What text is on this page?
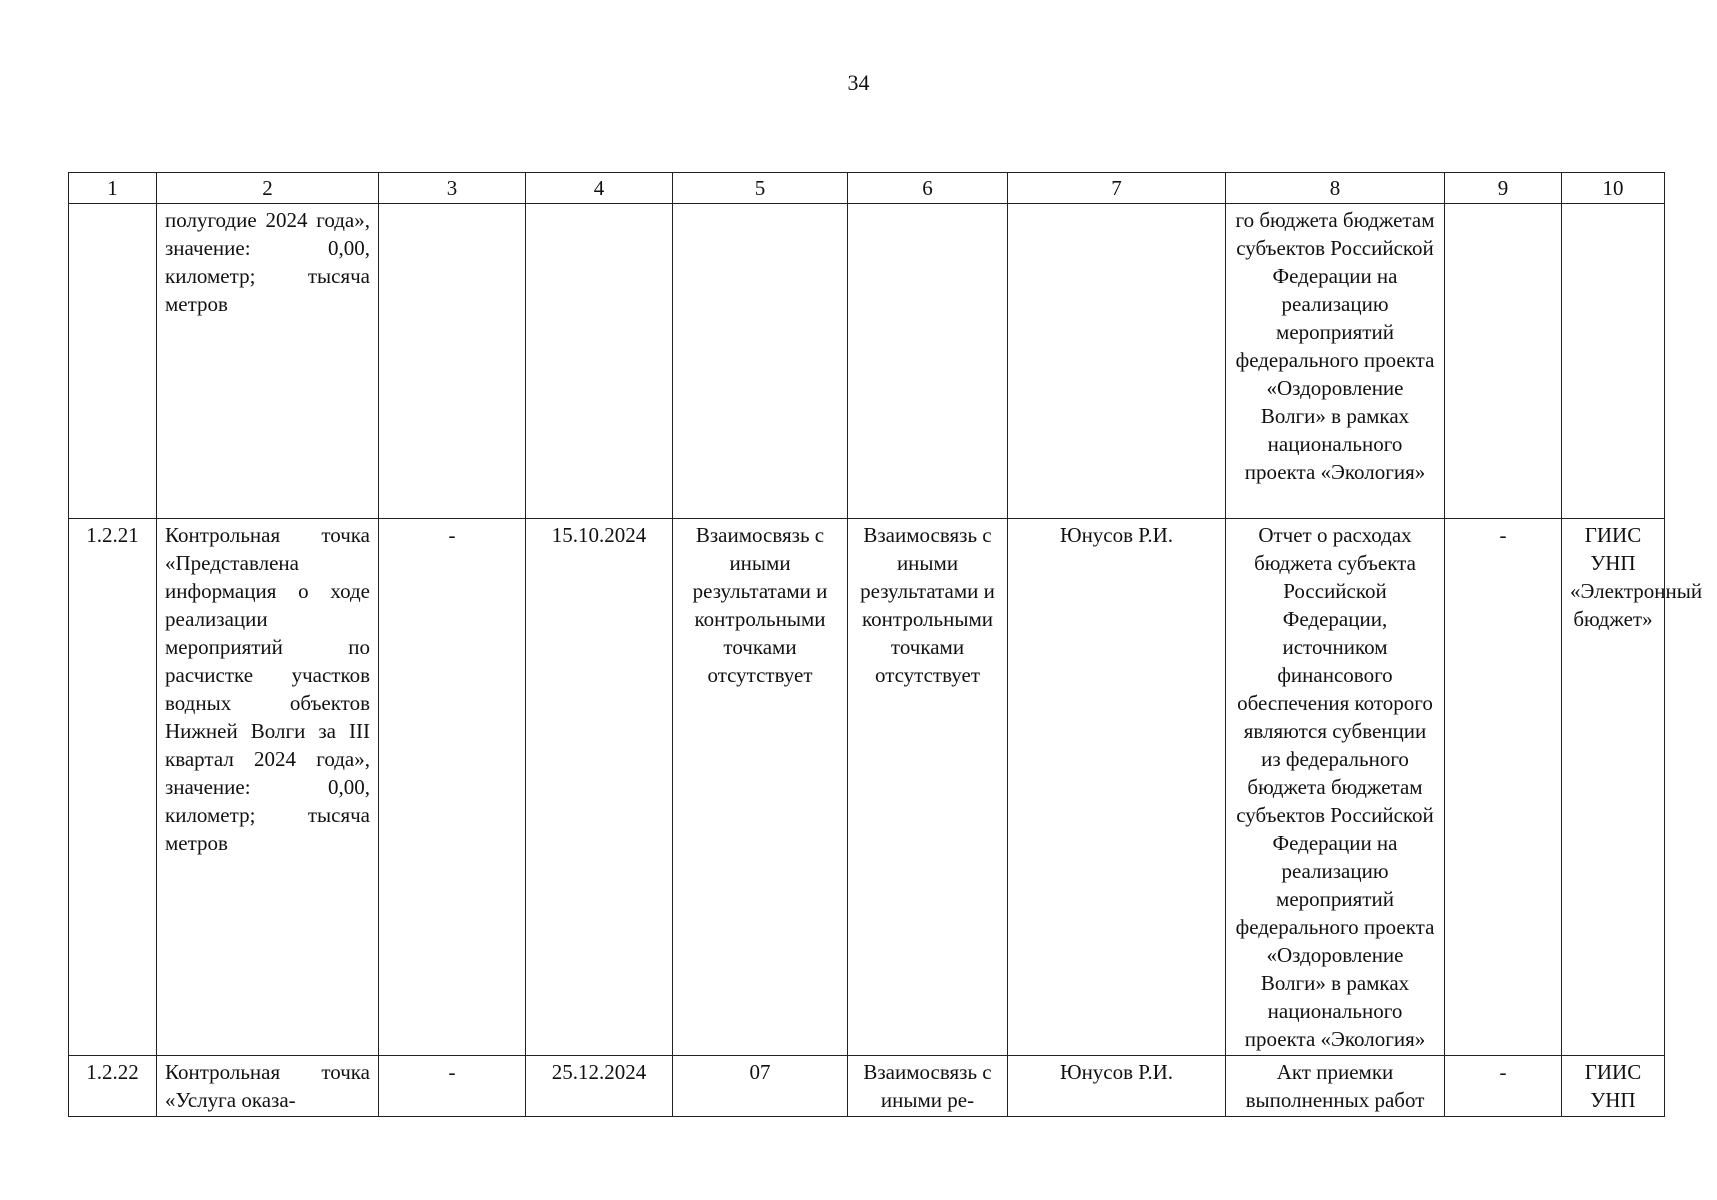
34
1	2	3	4	5	6	7	8	9	10
	полугодие 2024 года», значение: 0,00, километр; тысяча метров						го бюджета бюджетам субъектов Российской Федерации на реализацию мероприятий федерального проекта «Оздоровление Волги» в рамках национального проекта «Экология»		
1.2.21	Контрольная точка «Представлена информация о ходе реализации мероприятий по расчистке участков водных объектов Нижней Волги за III квартал 2024 года», значение: 0,00, километр; тысяча метров	-	15.10.2024	Взаимосвязь с иными результатами и контрольными точками отсутствует	Взаимосвязь с иными результатами и контрольными точками отсутствует	Юнусов Р.И.	Отчет о расходах бюджета субъекта Российской Федерации, источником финансового обеспечения которого являются субвенции из федерального бюджета бюджетам субъектов Российской Федерации на реализацию мероприятий федерального проекта «Оздоровление Волги» в рамках национального проекта «Экология»	-	ГИИС УНП «Электронный бюджет»
1.2.22	Контрольная точка «Услуга оказа-	-	25.12.2024	07	Взаимосвязь с иными ре-	Юнусов Р.И.	Акт приемки выполненных работ	-	ГИИС УНП
